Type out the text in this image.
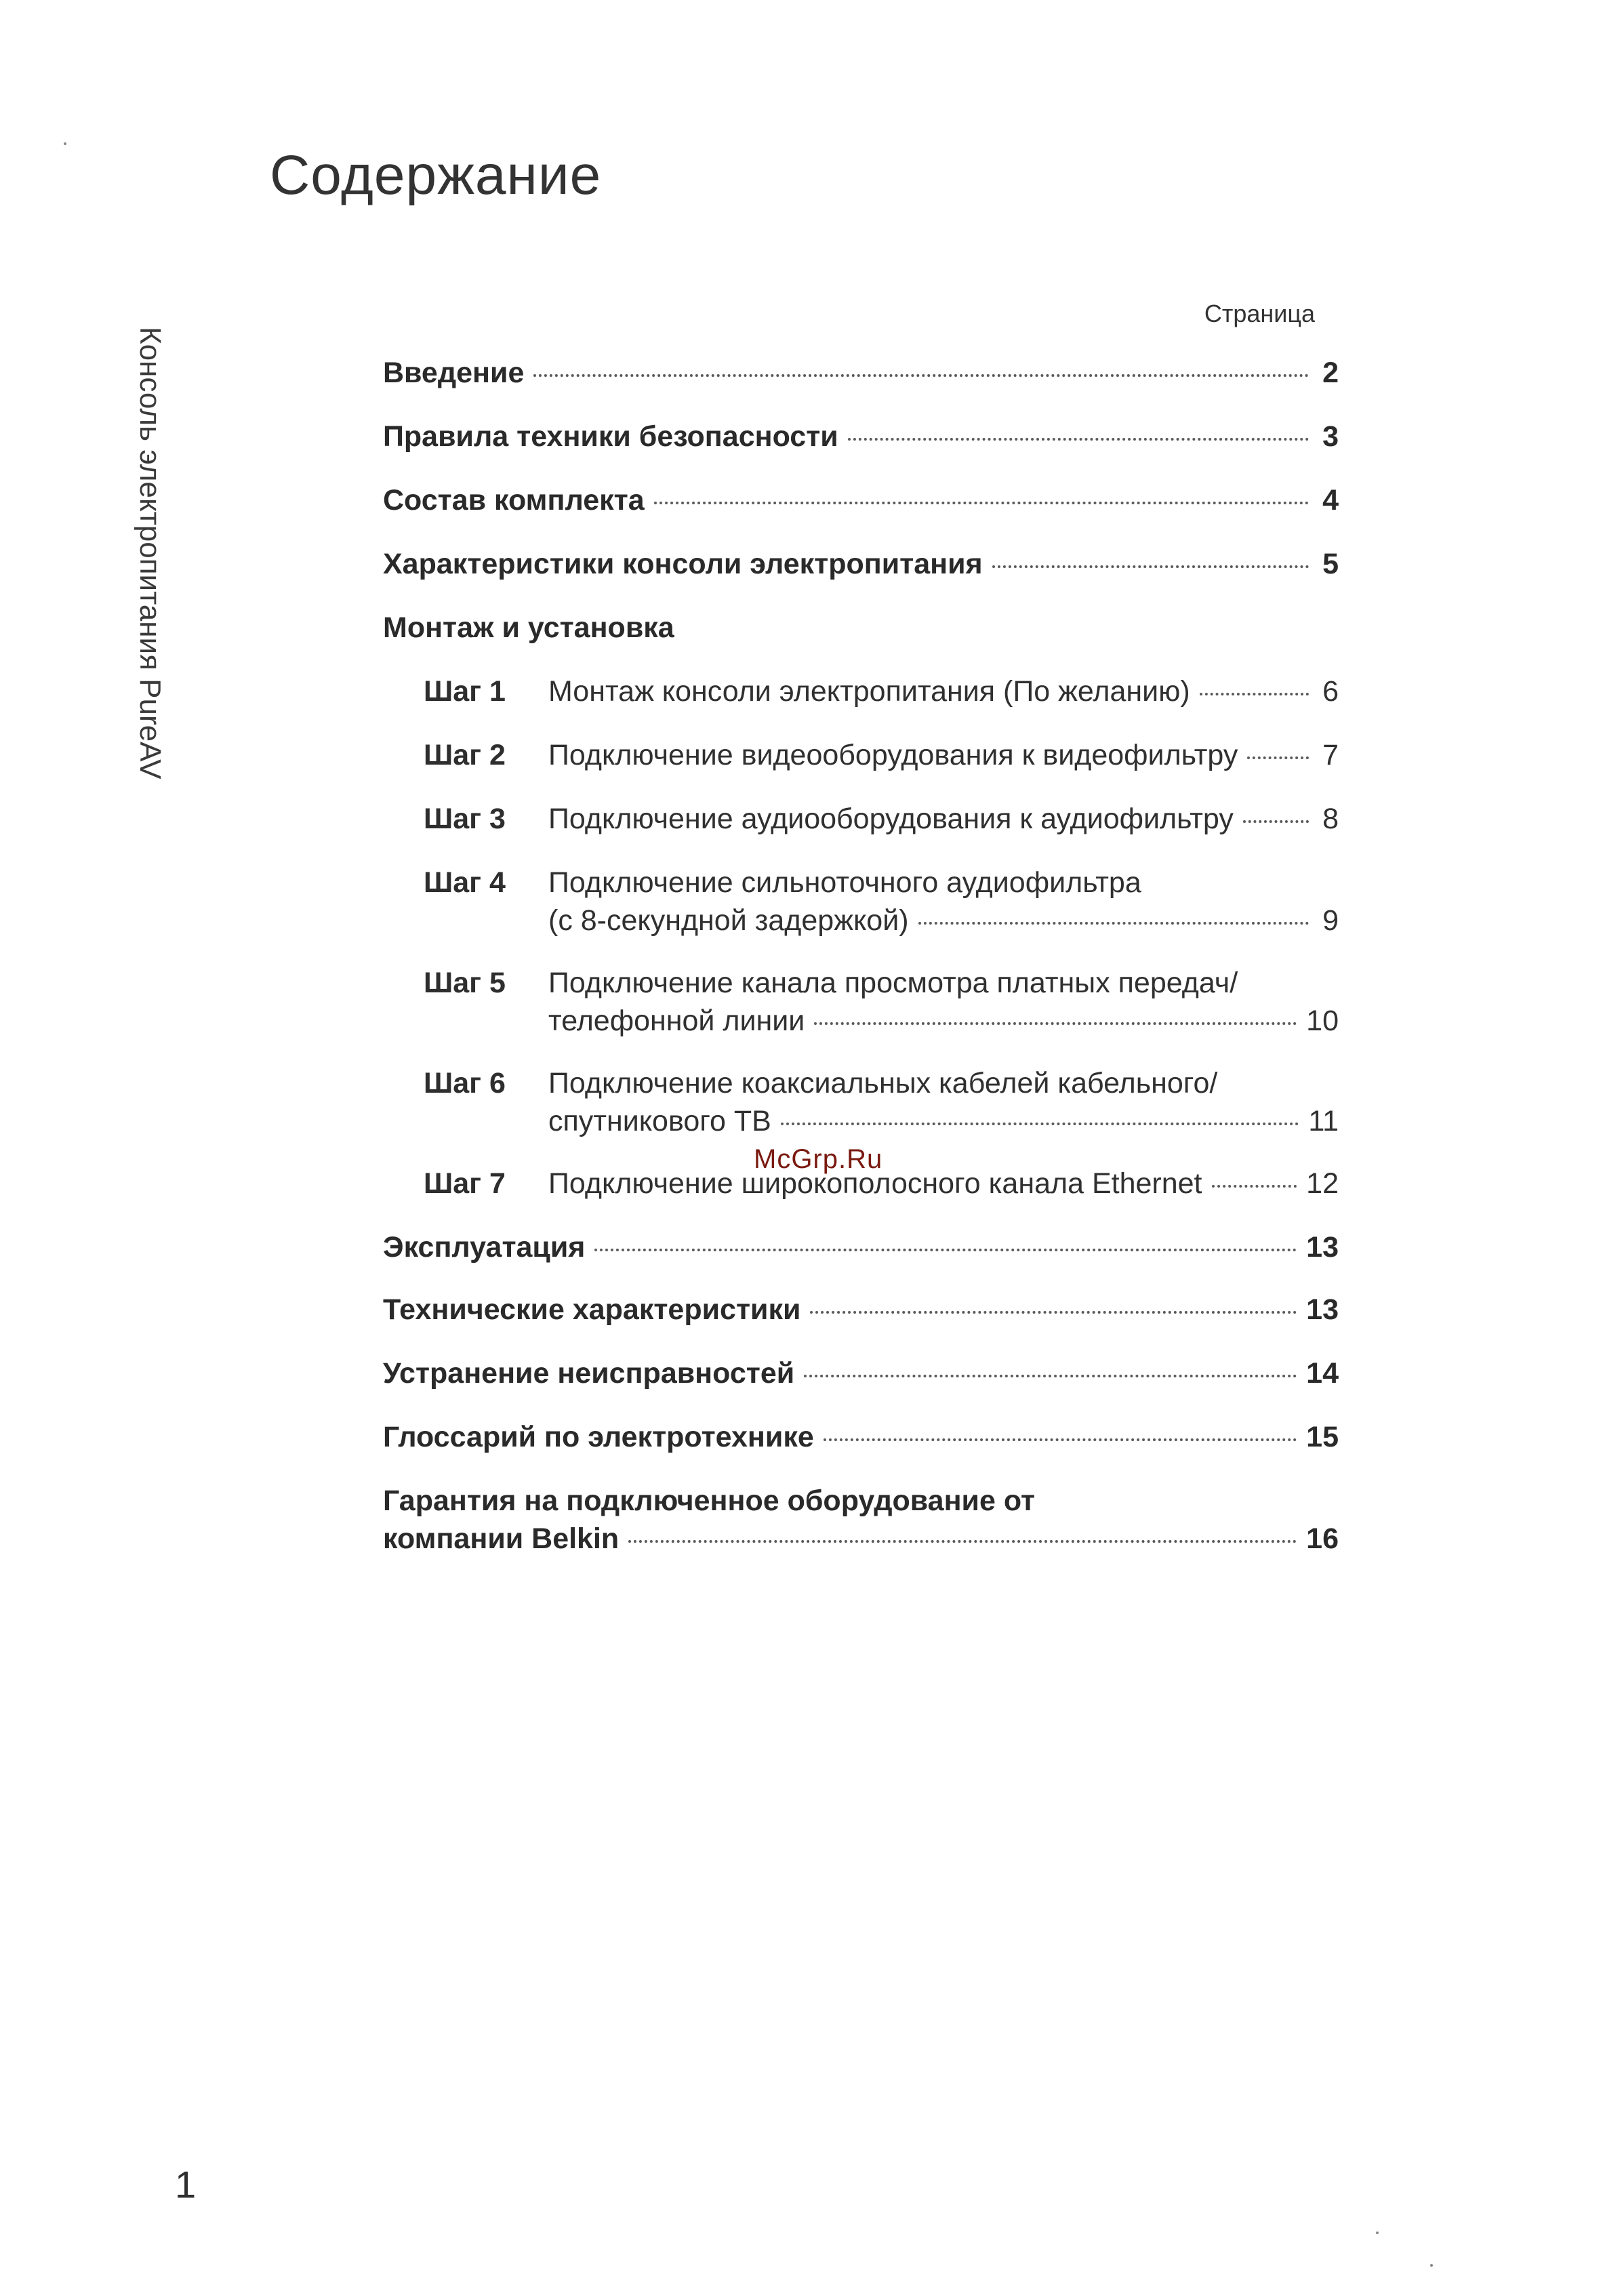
Содержание
Консоль электропитания PureAV
Страница
McGrp.Ru
Введение	2
Правила техники безопасности	3
Состав комплекта	4
Характеристики консоли электропитания	5
Монтаж и установка
Шаг 1	Монтаж консоли электропитания (По желанию)	6
Шаг 2	Подключение видеооборудования к видеофильтру	7
Шаг 3	Подключение аудиооборудования к аудиофильтру	8
Шаг 4	Подключение сильноточного аудиофильтра
(с 8-секундной задержкой)	9
Шаг 5	Подключение канала просмотра платных передач/
телефонной линии	10
Шаг 6	Подключение коаксиальных кабелей кабельного/
спутникового ТВ	11
Шаг 7	Подключение широкополосного канала Ethernet	12
Эксплуатация	13
Технические характеристики	13
Устранение неисправностей	14
Глоссарий по электротехнике	15
Гарантия на подключенное оборудование от
компании Belkin	16
1
